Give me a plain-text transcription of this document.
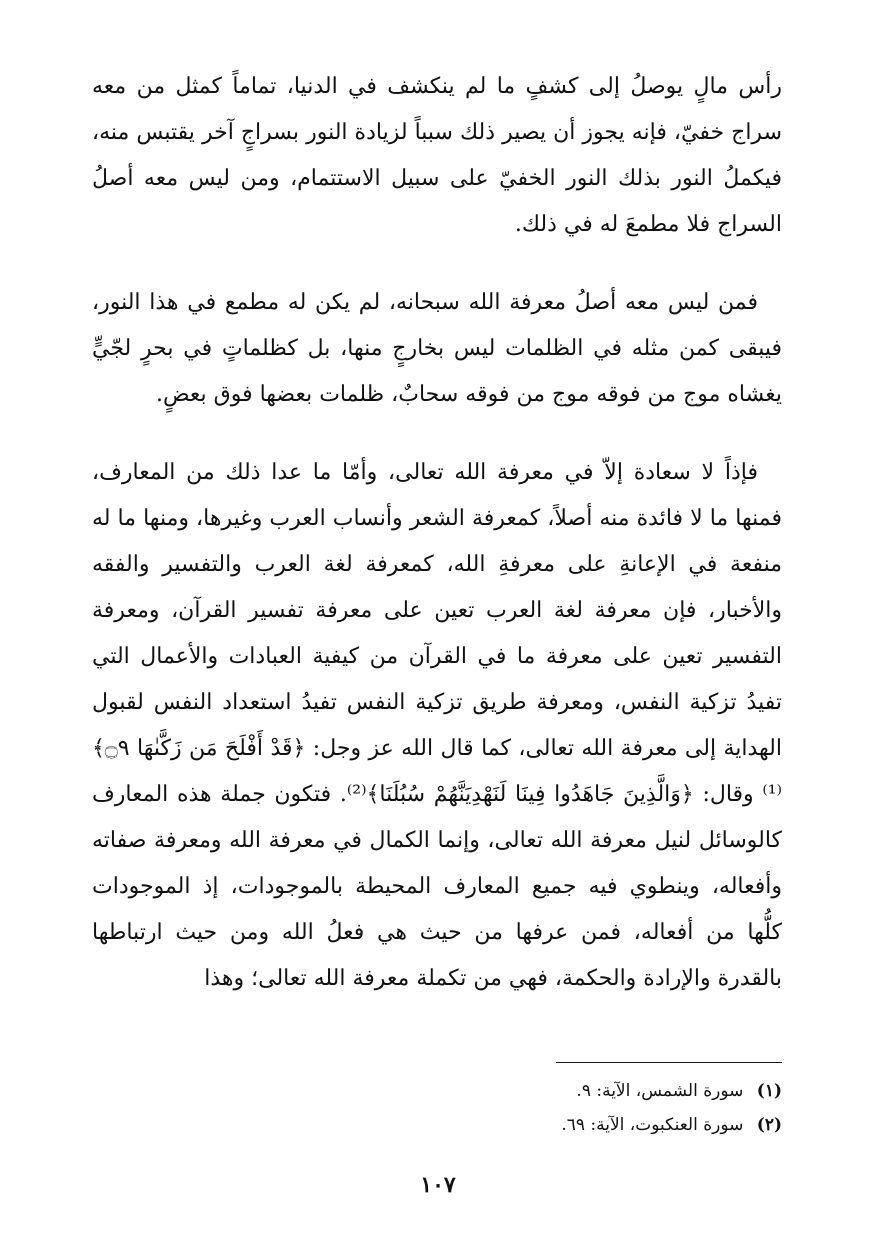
رأس مالٍ يوصلُ إلى كشفٍ ما لم ينكشف في الدنيا، تماماً كمثل من معه سراج خفيّ، فإنه يجوز أن يصير ذلك سبباً لزيادة النور بسراجٍ آخر يقتبس منه، فيكملُ النور بذلك النور الخفيّ على سبيل الاستتمام، ومن ليس معه أصلُ السراج فلا مطمعَ له في ذلك.

فمن ليس معه أصلُ معرفة الله سبحانه، لم يكن له مطمع في هذا النور، فيبقى كمن مثله في الظلمات ليس بخارجٍ منها، بل كظلماتٍ في بحرٍ لجّيٍّ يغشاه موج من فوقه موج من فوقه سحابٌ، ظلمات بعضها فوق بعضٍ.

فإذاً لا سعادة إلاّ في معرفة الله تعالى، وأمّا ما عدا ذلك من المعارف، فمنها ما لا فائدة منه أصلاً، كمعرفة الشعر وأنساب العرب وغيرها، ومنها ما له منفعة في الإعانةِ على معرفةِ الله، كمعرفة لغة العرب والتفسير والفقه والأخبار، فإن معرفة لغة العرب تعين على معرفة تفسير القرآن، ومعرفة التفسير تعين على معرفة ما في القرآن من كيفية العبادات والأعمال التي تفيدُ تزكية النفس، ومعرفة طريق تزكية النفس تفيدُ استعداد النفس لقبول الهداية إلى معرفة الله تعالى، كما قال الله عز وجل: ﴿قَدْ أَفْلَحَ مَن زَكَّىٰهَا ۝٩﴾⁽¹⁾ وقال: ﴿وَالَّذِينَ جَاهَدُوا فِينَا لَنَهْدِيَنَّهُمْ سُبُلَنَا﴾⁽²⁾. فتكون جملة هذه المعارف كالوسائل لنيل معرفة الله تعالى، وإنما الكمال في معرفة الله ومعرفة صفاته وأفعاله، وينطوي فيه جميع المعارف المحيطة بالموجودات، إذ الموجودات كلُّها من أفعاله، فمن عرفها من حيث هي فعلُ الله ومن حيث ارتباطها بالقدرة والإرادة والحكمة، فهي من تكملة معرفة الله تعالى؛ وهذا

(١) سورة الشمس، الآية: ٩.

(٢) سورة العنكبوت، الآية: ٦٩.

١٠٧
